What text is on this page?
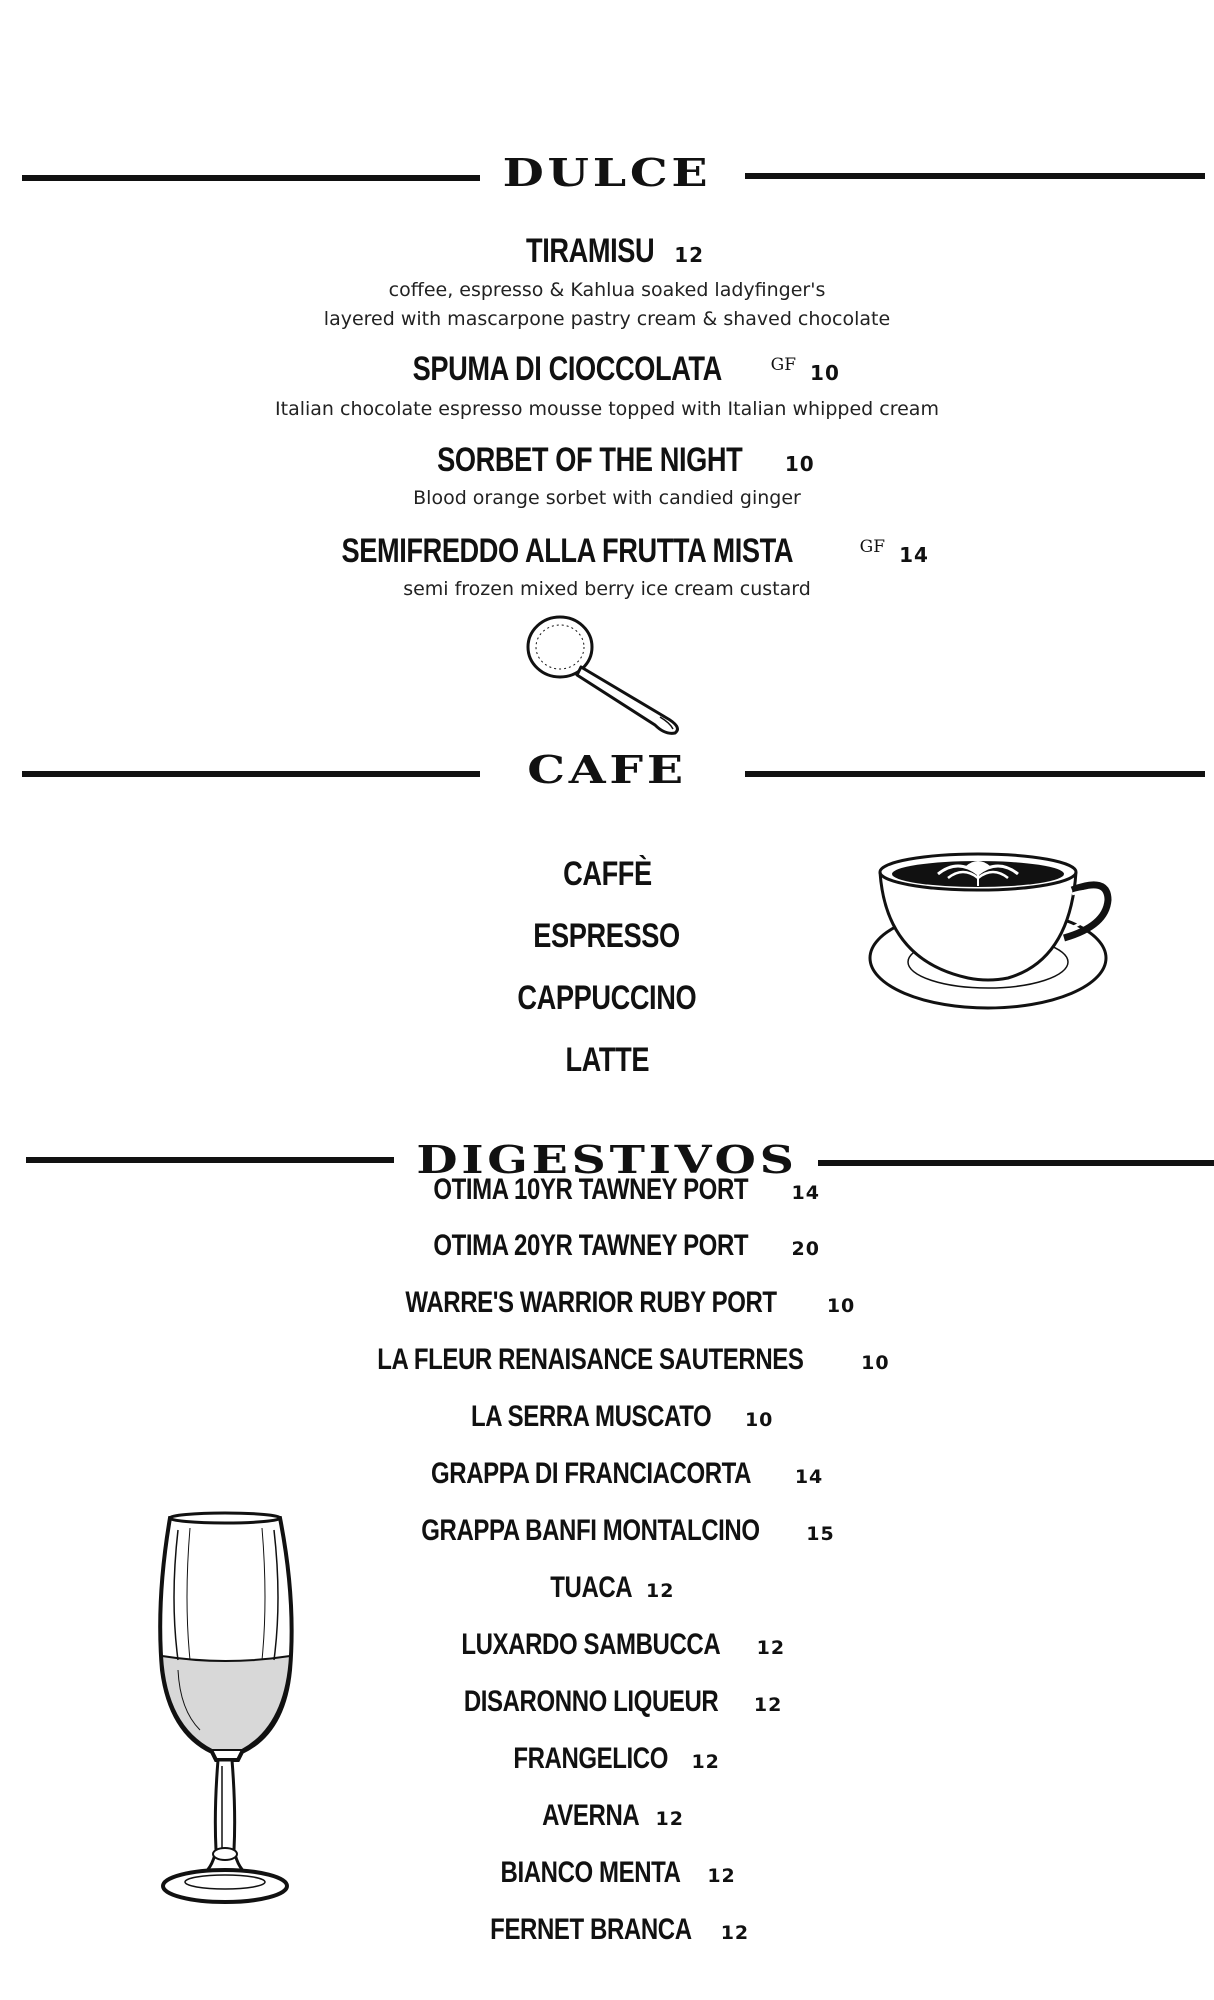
DULCE
TIRAMISU 12
coffee, espresso & Kahlua soaked ladyfinger's
layered with mascarpone pastry cream & shaved chocolate
SPUMA DI CIOCCOLATA	GF 10
Italian chocolate espresso mousse topped with Italian whipped cream
SORBET OF THE NIGHT 10
Blood orange sorbet with candied ginger
SEMIFREDDO ALLA FRUTTA MISTA	GF 14
semi frozen mixed berry ice cream custard
CAFE
CAFFÈ
ESPRESSO
CAPPUCCINO
LATTE
DIGESTIVOS
OTIMA 10YR TAWNEY PORT 14
OTIMA 20YR TAWNEY PORT 20
WARRE'S WARRIOR RUBY PORT	10
LA FLEUR RENAISANCE SAUTERNES	10
LA SERRA MUSCATO 10
GRAPPA DI FRANCIACORTA 14
GRAPPA BANFI MONTALCINO 15
TUACA 12
LUXARDO SAMBUCCA 12
DISARONNO LIQUEUR 12
FRANGELICO 12
AVERNA 12
BIANCO MENTA 12
FERNET BRANCA 12
